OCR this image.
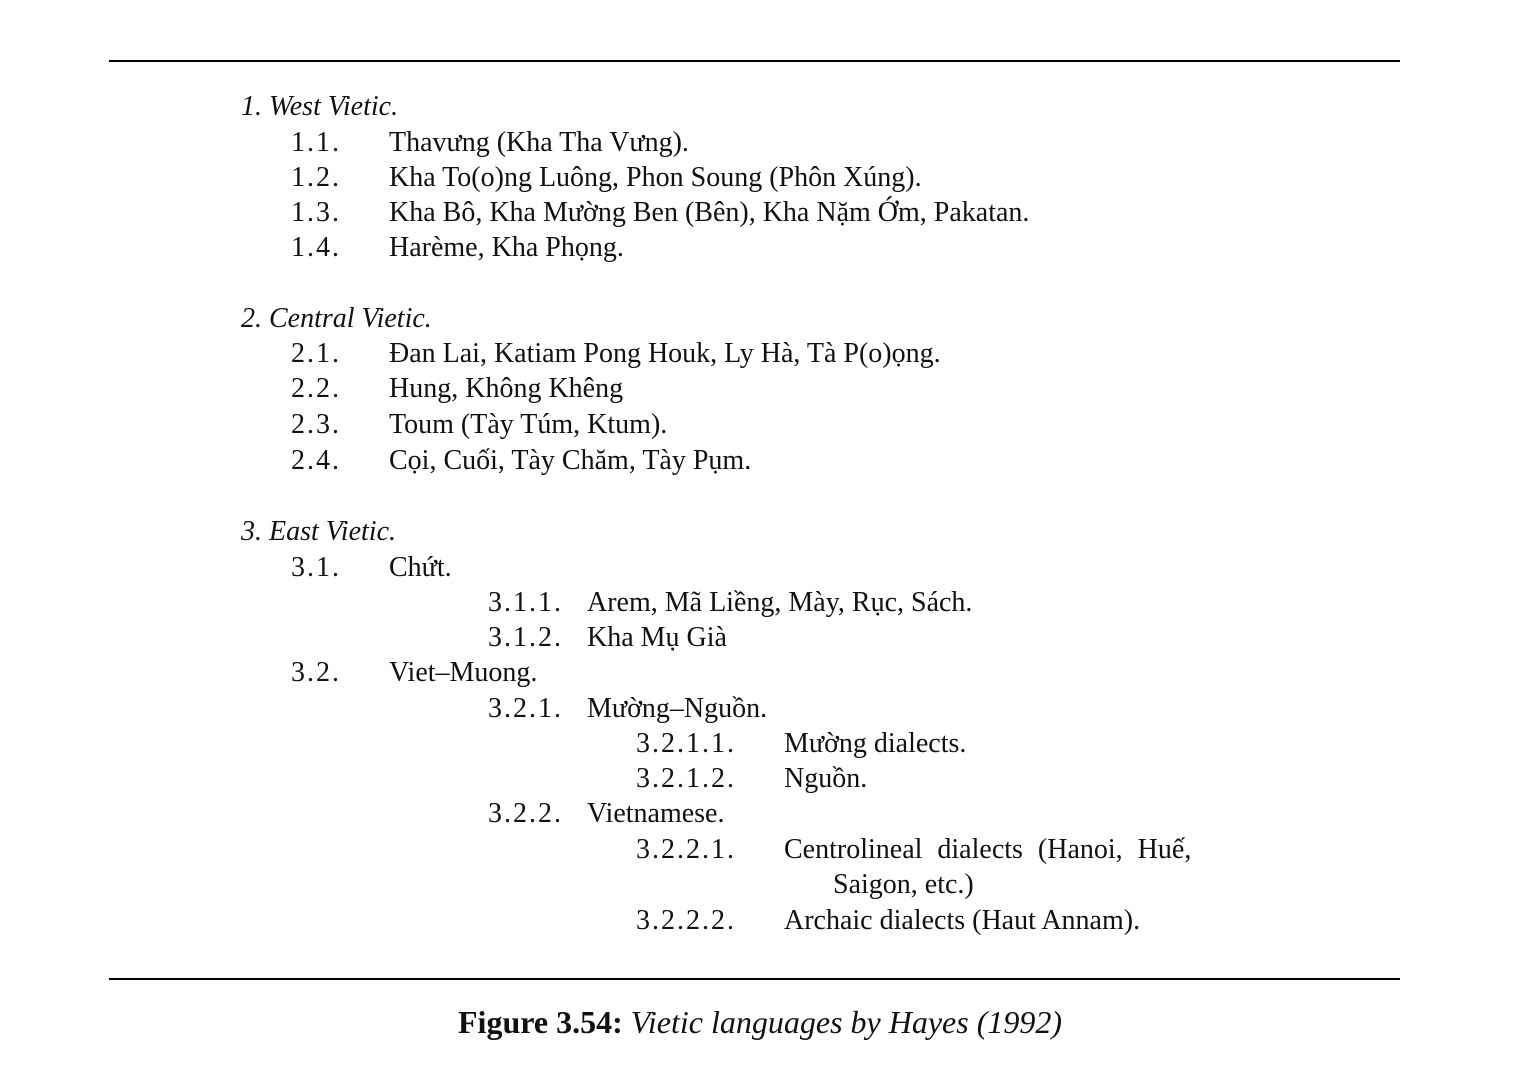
1. West Vietic.
1.1. Thavưng (Kha Tha Vưng).
1.2. Kha To(o)ng Luông, Phon Soung (Phôn Xúng).
1.3. Kha Bô, Kha Mường Ben (Bên), Kha Nặm Ớm, Pakatan.
1.4. Harème, Kha Phọng.
2. Central Vietic.
2.1. Đan Lai, Katiam Pong Houk, Ly Hà, Tà P(o)ọng.
2.2. Hung, Không Khêng
2.3. Toum (Tày Túm, Ktum).
2.4. Cọi, Cuối, Tày Chăm, Tày Pụm.
3. East Vietic.
3.1. Chứt.
3.1.1. Arem, Mã Liềng, Mày, Rục, Sách.
3.1.2. Kha Mụ Già
3.2. Viet–Muong.
3.2.1. Mường–Nguồn.
3.2.1.1. Mường dialects.
3.2.1.2. Nguồn.
3.2.2. Vietnamese.
3.2.2.1. Centrolineal dialects (Hanoi, Huế,
Saigon, etc.)
3.2.2.2. Archaic dialects (Haut Annam).
Figure 3.54: Vietic languages by Hayes (1992)
